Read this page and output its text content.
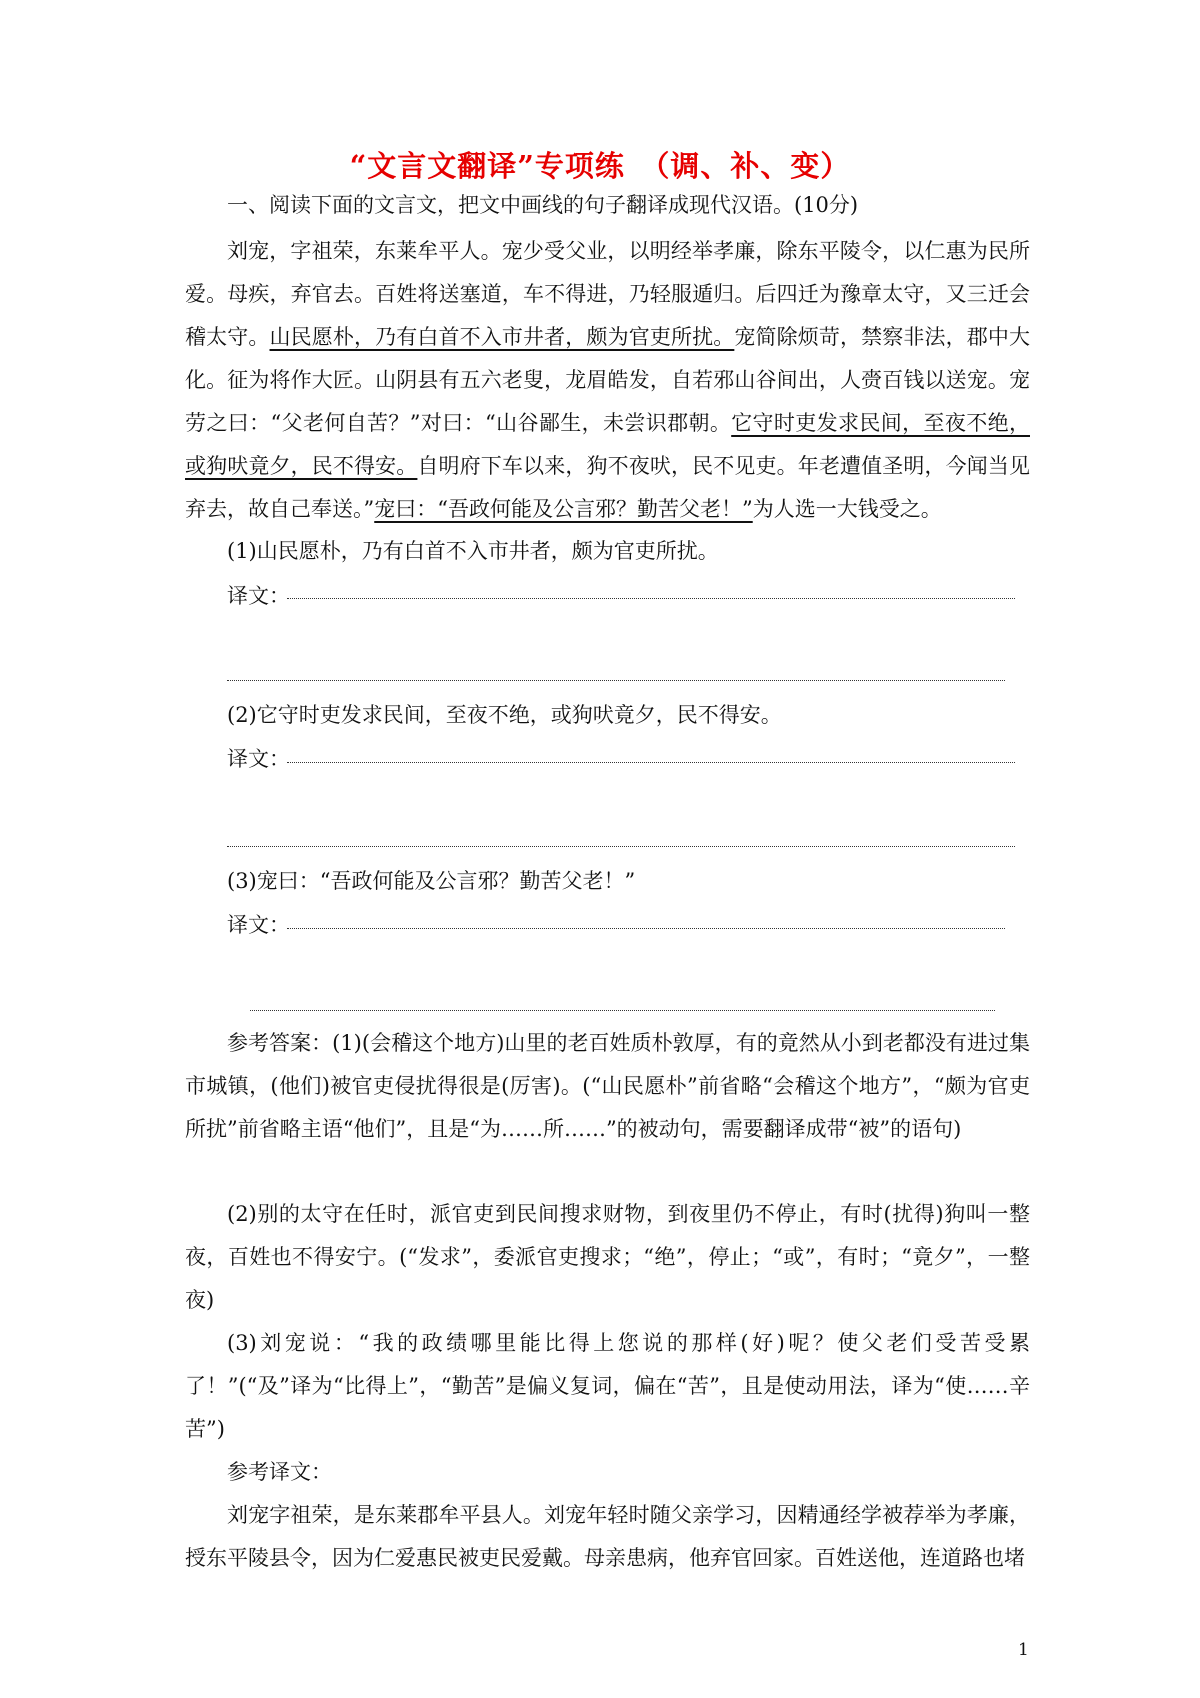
“文言文翻译”专项练　（调、补、变）

一、阅读下面的文言文，把文中画线的句子翻译成现代汉语。(10分)

刘宠，字祖荣，东莱牟平人。宠少受父业，以明经举孝廉，除东平陵令，以仁惠为民所爱。母疾，弃官去。百姓将送塞道，车不得进，乃轻服遁归。后四迁为豫章太守，又三迁会稽太守。山民愿朴，乃有白首不入市井者，颇为官吏所扰。宠简除烦苛，禁察非法，郡中大化。征为将作大匠。山阴县有五六老叟，龙眉皓发，自若邪山谷间出，人赍百钱以送宠。宠劳之曰：“父老何自苦？”对曰：“山谷鄙生，未尝识郡朝。它守时吏发求民间，至夜不绝，或狗吠竟夕，民不得安。自明府下车以来，狗不夜吠，民不见吏。年老遭值圣明，今闻当见弃去，故自己奉送。”宠曰：“吾政何能及公言邪？勤苦父老！”为人选一大钱受之。

(1)山民愿朴，乃有白首不入市井者，颇为官吏所扰。

译文：

(2)它守时吏发求民间，至夜不绝，或狗吠竟夕，民不得安。

译文：

(3)宠曰：“吾政何能及公言邪？勤苦父老！”

译文：

参考答案：(1)(会稽这个地方)山里的老百姓质朴敦厚，有的竟然从小到老都没有进过集市城镇，(他们)被官吏侵扰得很是(厉害)。(“山民愿朴”前省略“会稽这个地方”，“颇为官吏所扰”前省略主语“他们”，且是“为……所……”的被动句，需要翻译成带“被”的语句)

(2)别的太守在任时，派官吏到民间搜求财物，到夜里仍不停止，有时(扰得)狗叫一整夜，百姓也不得安宁。(“发求”，委派官吏搜求；“绝”，停止；“或”，有时；“竟夕”，一整夜)

(3)刘宠说：“我的政绩哪里能比得上您说的那样(好)呢？使父老们受苦受累了！”(“及”译为“比得上”，“勤苦”是偏义复词，偏在“苦”，且是使动用法，译为“使……辛苦”)

参考译文：

刘宠字祖荣，是东莱郡牟平县人。刘宠年轻时随父亲学习，因精通经学被荐举为孝廉，授东平陵县令，因为仁爱惠民被吏民爱戴。母亲患病，他弃官回家。百姓送他，连道路也堵

1
